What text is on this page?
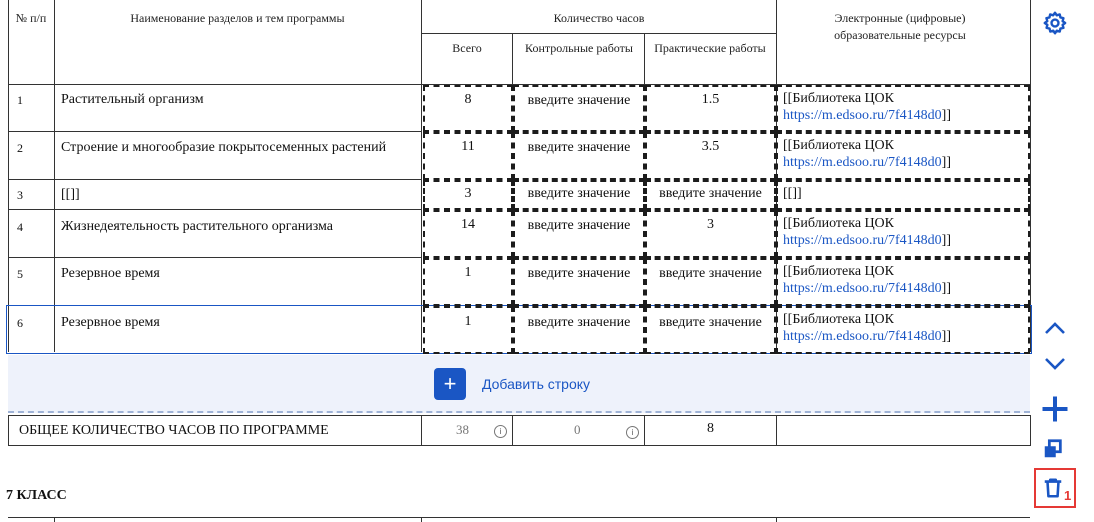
№ п/п	Наименование разделов и тем программы	Количество часов
Всего	Контрольные работы	Практические работы
Электронные (цифровые) образовательные ресурсы
1	Растительный организм	8	введите значение	1.5	[[Библиотека ЦОК
https://m.edsoo.ru/7f4148d0]]
2	Строение и многообразие покрытосеменных растений	11	введите значение	3.5	[[Библиотека ЦОК
https://m.edsoo.ru/7f4148d0]]
3	[[]]	3	введите значение	введите значение	[[]]
4	Жизнедеятельность растительного организма	14	введите значение	3	[[Библиотека ЦОК
https://m.edsoo.ru/7f4148d0]]
5	Резервное время	1	введите значение	введите значение	[[Библиотека ЦОК
https://m.edsoo.ru/7f4148d0]]
6	Резервное время	1	введите значение	введите значение	[[Библиотека ЦОК
https://m.edsoo.ru/7f4148d0]]
+	Добавить строку
ОБЩЕЕ КОЛИЧЕСТВО ЧАСОВ ПО ПРОГРАММЕ	38	i	0	i	8
7 КЛАСС	1
